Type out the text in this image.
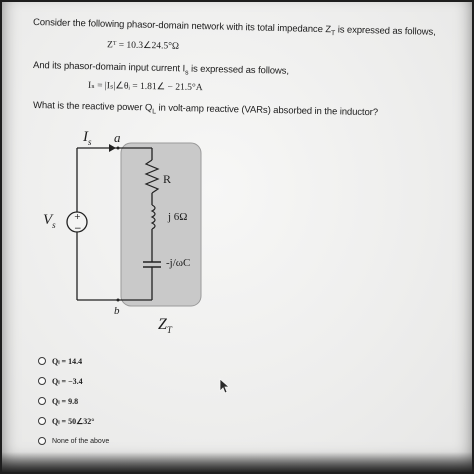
Consider the following phasor-domain network with its total impedance $Z_T$ is expressed as follows,
Zᵀ = 10.3∠24.5°Ω
And its phasor-domain input current $I_s$ is expressed as follows,
Iₛ = |Iₛ|∠θᵢ = 1.81∠ − 21.5°A
What is the reactive power $Q_L$ in volt-amp reactive (VARs) absorbed in the inductor?
+
−
$I_s$ a
b
$V_s$
R
j 6Ω
-j/ωC
$Z_T$
Qₗ = 14.4
Qₗ = −3.4
Qₗ = 9.8
Qₗ = 50∠32°
None of the above
